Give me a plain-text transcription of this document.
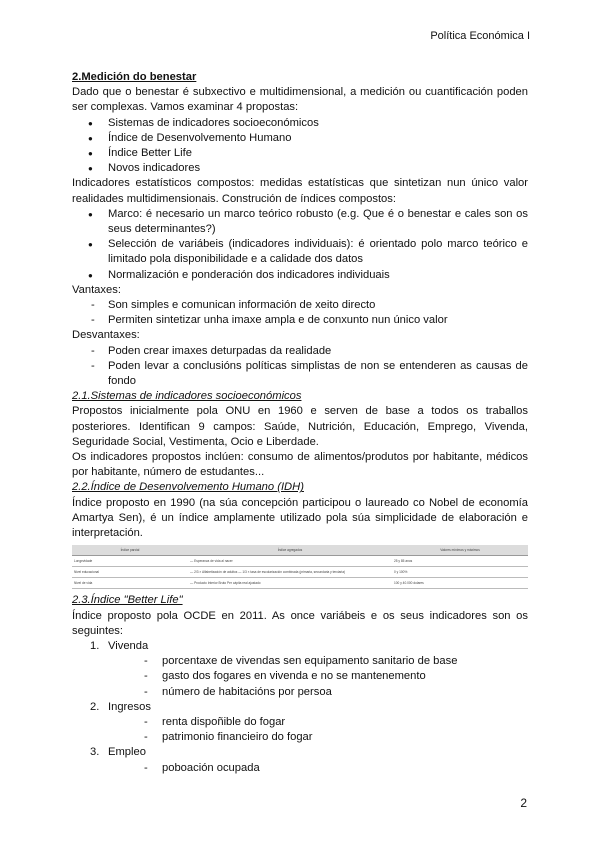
Política Económica I

2.Medición do benestar

Dado que o benestar é subxectivo e multidimensional, a medición ou cuantificación poden ser complexas. Vamos examinar 4 propostas:

● Sistemas de indicadores socioeconómicos
● Índice de Desenvolvemento Humano
● Índice Better Life
● Novos indicadores

Indicadores estatísticos compostos: medidas estatísticas que sintetizan nun único valor realidades multidimensionais. Construción de índices compostos:

● Marco: é necesario un marco teórico robusto (e.g. Que é o benestar e cales son os seus determinantes?)
● Selección de variábeis (indicadores individuais): é orientado polo marco teórico e limitado pola disponibilidade e a calidade dos datos
● Normalización e ponderación dos indicadores individuais

Vantaxes:

- Son simples e comunican información de xeito directo
- Permiten sintetizar unha imaxe ampla e de conxunto nun único valor

Desvantaxes:

- Poden crear imaxes deturpadas da realidade
- Poden levar a conclusións políticas simplistas de non se entenderen as causas de fondo

2.1.Sistemas de indicadores socioeconómicos

Propostos inicialmente pola ONU en 1960 e serven de base a todos os traballos posteriores. Identifican 9 campos: Saúde, Nutrición, Educación, Emprego, Vivenda, Seguridade Social, Vestimenta, Ocio e Liberdade.

Os indicadores propostos inclúen: consumo de alimentos/produtos por habitante, médicos por habitante, número de estudantes...

2.2.Índice de Desenvolvemento Humano (IDH)

Índice proposto en 1990 (na súa concepción participou o laureado co Nobel de economía Amartya Sen), é un índice amplamente utilizado pola súa simplicidade de elaboración e interpretación.

Índice parcial	Índice agregados	Valores mínimos y máximos
Longevidade	— Esperanza de vida al nacer	25 y 85 anos
Nivel educacional	— 2/3 × Alfabetización de adultos — 1/3 × tasa de escolarización combinada (primaria, secundaria y terciaria)	0 y 100%
Nivel de vida	— Producto Interior Bruto Per cápita real ajustado	100 y 40.000 dolares

2.3.Índice "Better Life"

Índice proposto pola OCDE en 2011. As once variábeis e os seus indicadores son os seguintes:

1. Vivenda
- porcentaxe de vivendas sen equipamento sanitario de base
- gasto dos fogares en vivenda e no se mantenemento
- número de habitacións por persoa
2. Ingresos
- renta dispoñible do fogar
- patrimonio financieiro do fogar
3. Empleo
- poboación ocupada
2
